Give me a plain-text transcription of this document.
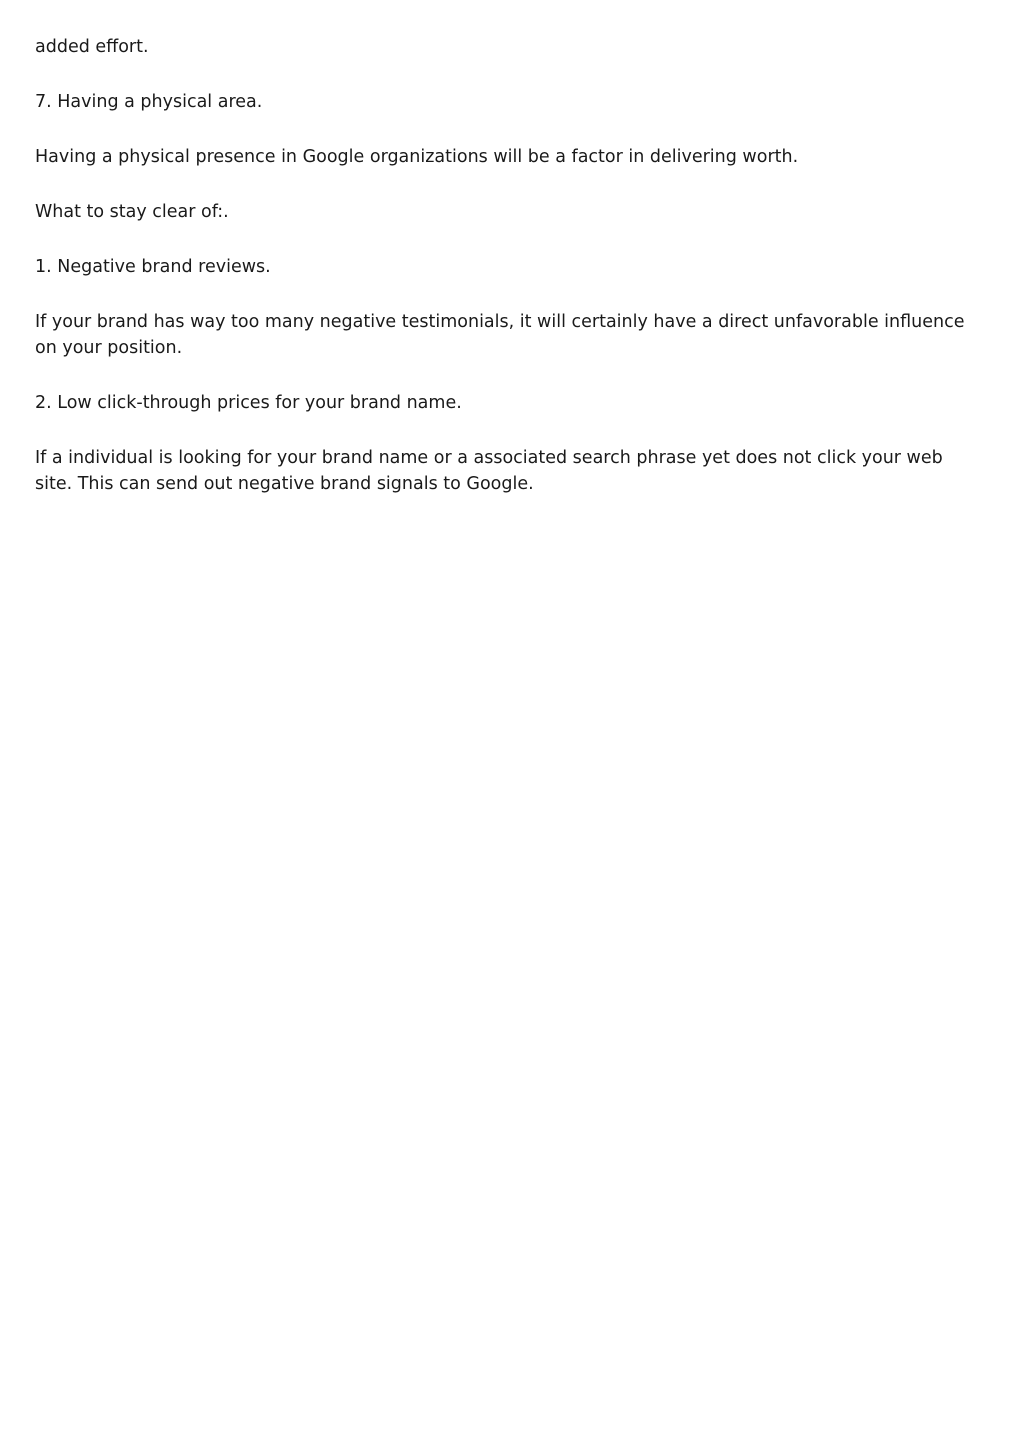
added effort.

7. Having a physical area.

Having a physical presence in Google organizations will be a factor in delivering worth.

What to stay clear of:.

1. Negative brand reviews.

If your brand has way too many negative testimonials, it will certainly have a direct unfavorable influence on your position.

2. Low click-through prices for your brand name.

If a individual is looking for your brand name or a associated search phrase yet does not click your web site. This can send out negative brand signals to Google.
